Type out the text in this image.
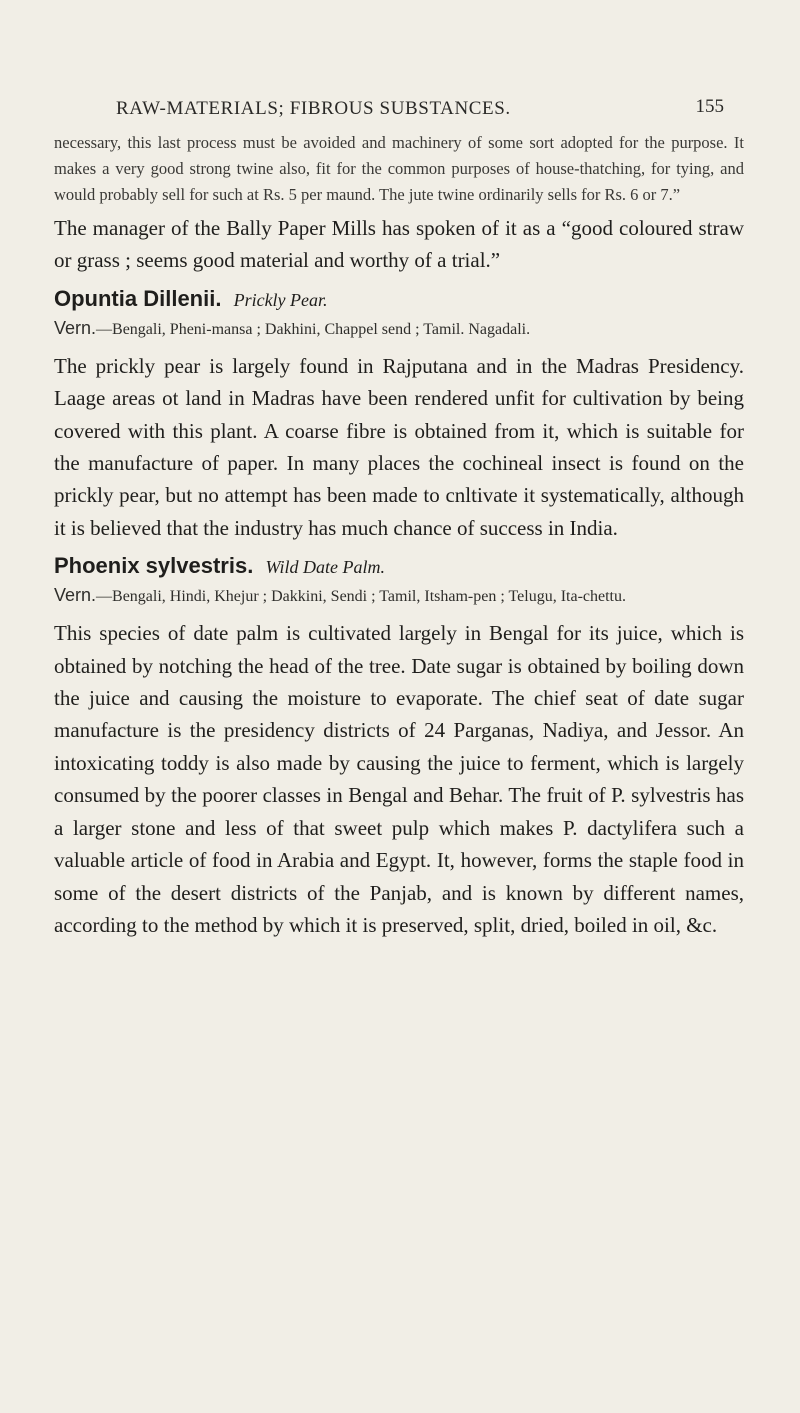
RAW-MATERIALS; FIBROUS SUBSTANCES.	155

necessary, this last process must be avoided and machinery of some sort adopted for the purpose. It makes a very good strong twine also, fit for the common purposes of house-thatching, for tying, and would probably sell for such at Rs. 5 per maund. The jute twine ordinarily sells for Rs. 6 or 7.”

The manager of the Bally Paper Mills has spoken of it as a “good coloured straw or grass ; seems good material and worthy of a trial.”

Opuntia Dillenii. Prickly Pear.
Vern.—Bengali, Pheni-mansa ; Dakhini, Chappel send ; Tamil. Nagadali.

The prickly pear is largely found in Rajputana and in the Madras Presidency. Laage areas ot land in Madras have been rendered unfit for cultivation by being covered with this plant. A coarse fibre is obtained from it, which is suitable for the manufacture of paper. In many places the cochineal insect is found on the prickly pear, but no attempt has been made to cnltivate it systematically, although it is believed that the industry has much chance of success in India.

Phoenix sylvestris. Wild Date Palm.
Vern.—Bengali, Hindi, Khejur ; Dakkini, Sendi ; Tamil, Itsham-pen ; Telugu, Ita-chettu.

This species of date palm is cultivated largely in Bengal for its juice, which is obtained by notching the head of the tree. Date sugar is obtained by boiling down the juice and causing the moisture to evaporate. The chief seat of date sugar manufacture is the presidency districts of 24 Parganas, Nadiya, and Jessor. An intoxicating toddy is also made by causing the juice to ferment, which is largely consumed by the poorer classes in Bengal and Behar. The fruit of P. sylvestris has a larger stone and less of that sweet pulp which makes P. dactylifera such a valuable article of food in Arabia and Egypt. It, however, forms the staple food in some of the desert districts of the Panjab, and is known by different names, according to the method by which it is preserved, split, dried, boiled in oil, &c.
